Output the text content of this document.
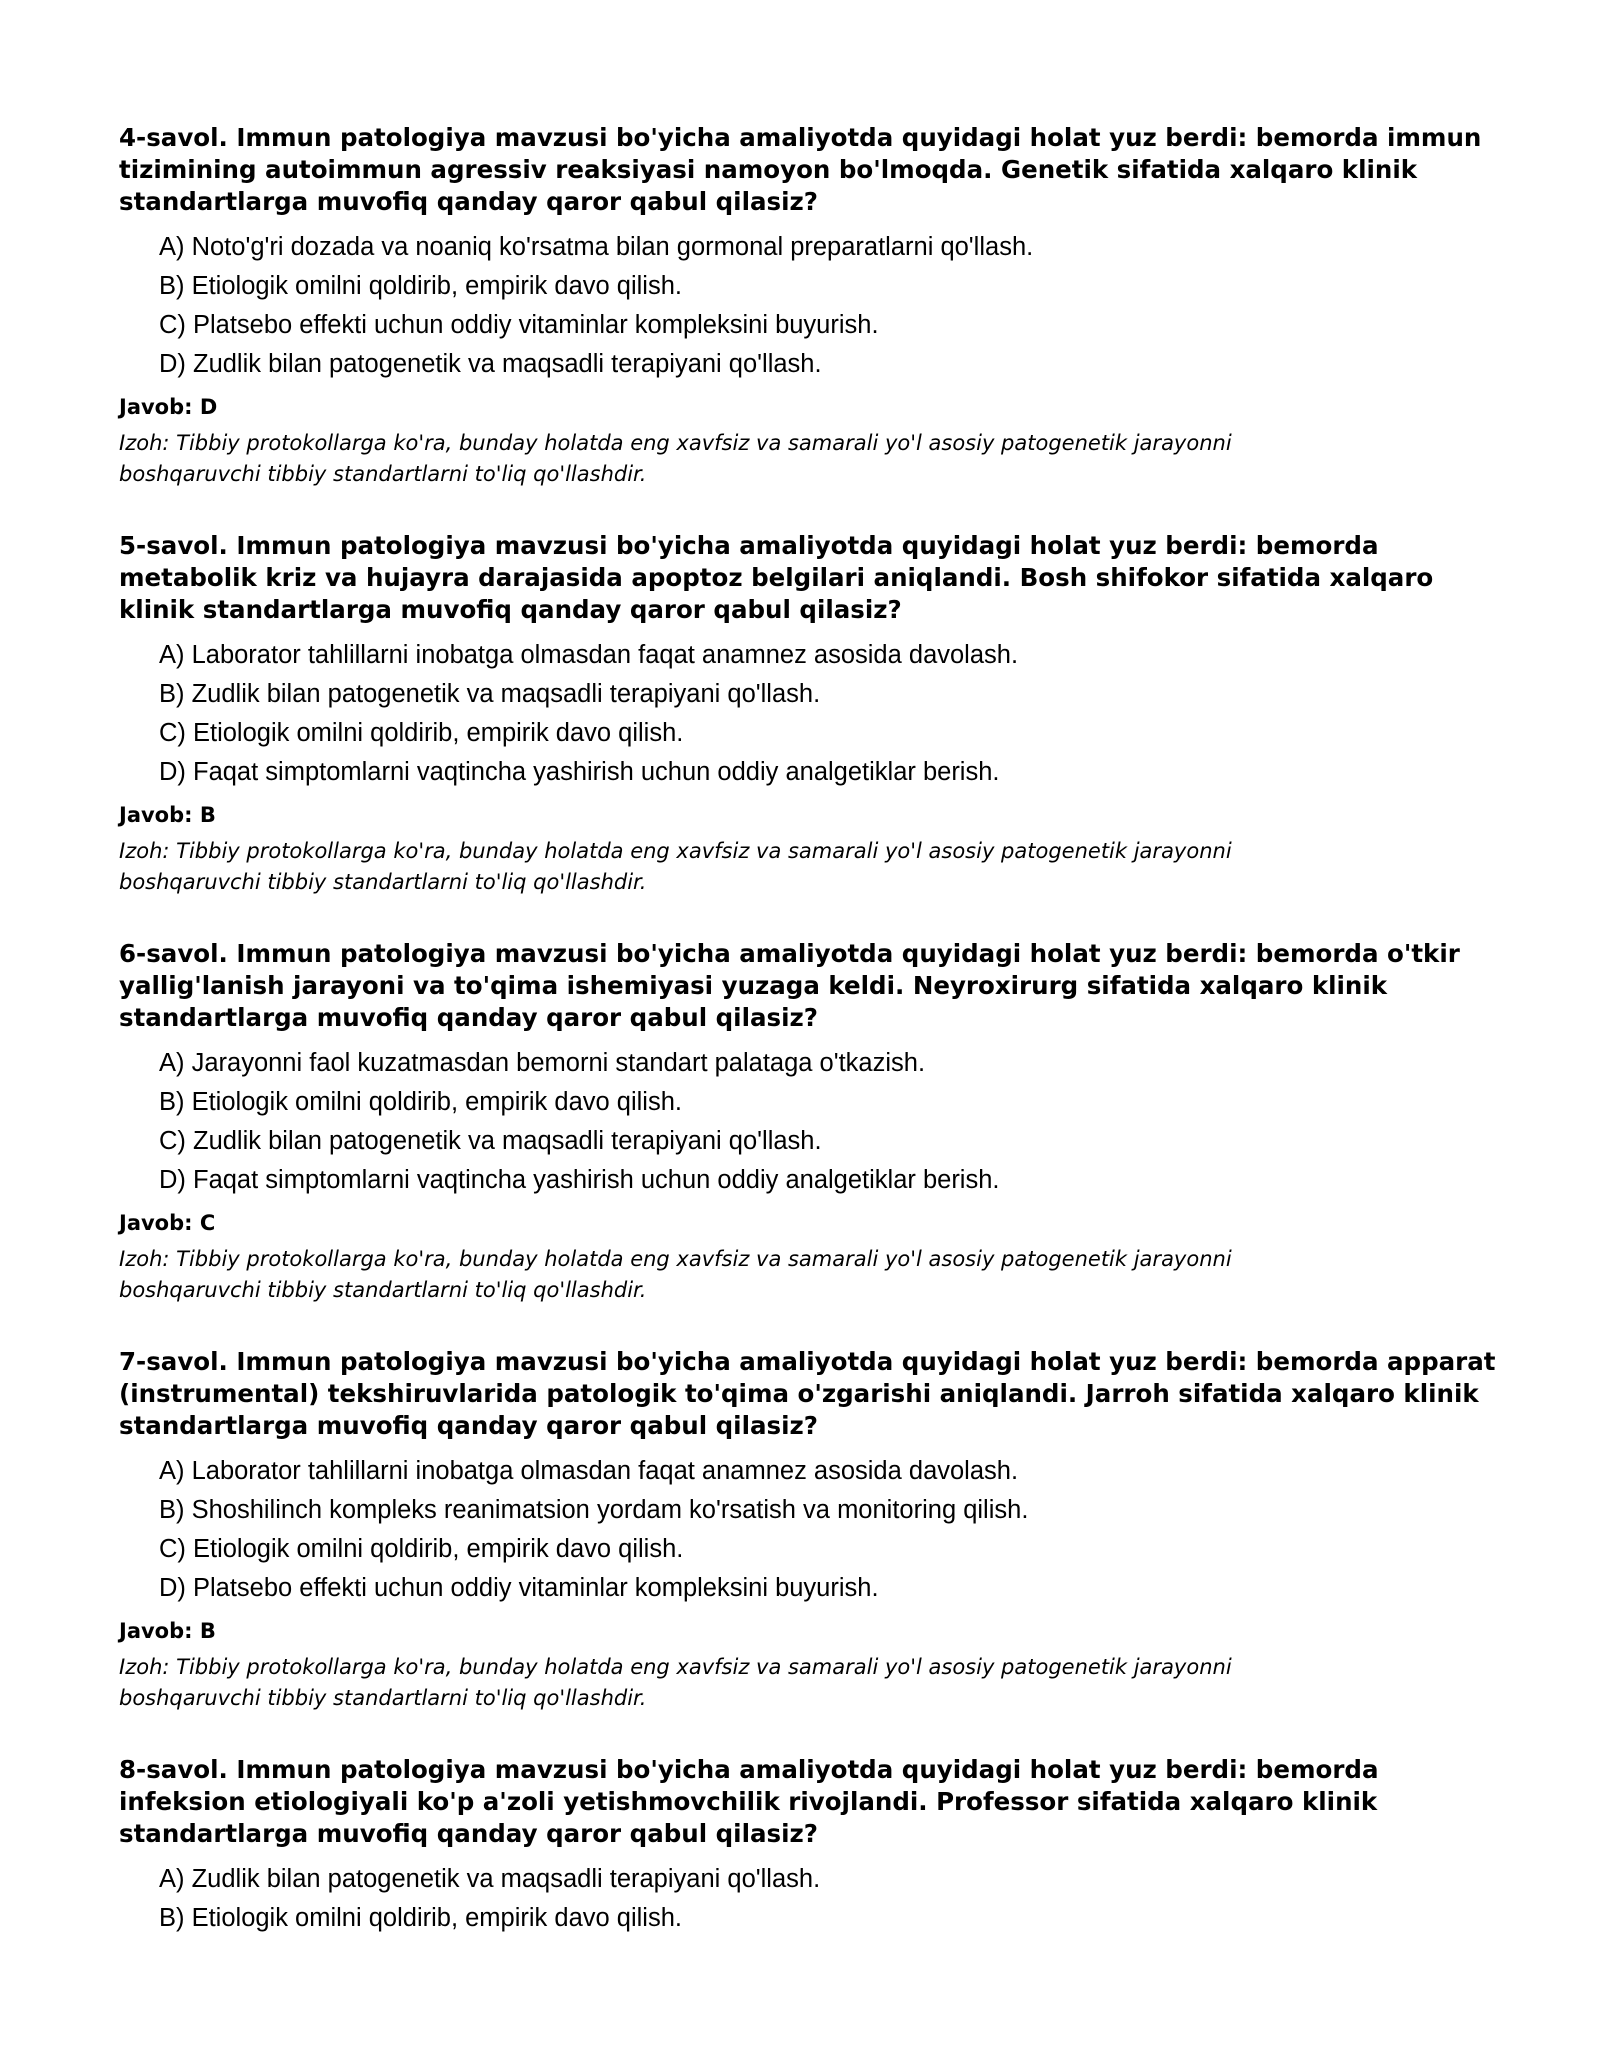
4-savol. Immun patologiya mavzusi bo'yicha amaliyotda quyidagi holat yuz berdi: bemorda immun tizimining autoimmun agressiv reaksiyasi namoyon bo'lmoqda. Genetik sifatida xalqaro klinik standartlarga muvofiq qanday qaror qabul qilasiz?
A) Noto'g'ri dozada va noaniq ko'rsatma bilan gormonal preparatlarni qo'llash.
B) Etiologik omilni qoldirib, empirik davo qilish.
C) Platsebo effekti uchun oddiy vitaminlar kompleksini buyurish.
D) Zudlik bilan patogenetik va maqsadli terapiyani qo'llash.
Javob: D
Izoh: Tibbiy protokollarga ko'ra, bunday holatda eng xavfsiz va samarali yo'l asosiy patogenetik jarayonni boshqaruvchi tibbiy standartlarni to'liq qo'llashdir.
5-savol. Immun patologiya mavzusi bo'yicha amaliyotda quyidagi holat yuz berdi: bemorda metabolik kriz va hujayra darajasida apoptoz belgilari aniqlandi. Bosh shifokor sifatida xalqaro klinik standartlarga muvofiq qanday qaror qabul qilasiz?
A) Laborator tahlillarni inobatga olmasdan faqat anamnez asosida davolash.
B) Zudlik bilan patogenetik va maqsadli terapiyani qo'llash.
C) Etiologik omilni qoldirib, empirik davo qilish.
D) Faqat simptomlarni vaqtincha yashirish uchun oddiy analgetiklar berish.
Javob: B
Izoh: Tibbiy protokollarga ko'ra, bunday holatda eng xavfsiz va samarali yo'l asosiy patogenetik jarayonni boshqaruvchi tibbiy standartlarni to'liq qo'llashdir.
6-savol. Immun patologiya mavzusi bo'yicha amaliyotda quyidagi holat yuz berdi: bemorda o'tkir yallig'lanish jarayoni va to'qima ishemiyasi yuzaga keldi. Neyroxirurg sifatida xalqaro klinik standartlarga muvofiq qanday qaror qabul qilasiz?
A) Jarayonni faol kuzatmasdan bemorni standart palataga o'tkazish.
B) Etiologik omilni qoldirib, empirik davo qilish.
C) Zudlik bilan patogenetik va maqsadli terapiyani qo'llash.
D) Faqat simptomlarni vaqtincha yashirish uchun oddiy analgetiklar berish.
Javob: C
Izoh: Tibbiy protokollarga ko'ra, bunday holatda eng xavfsiz va samarali yo'l asosiy patogenetik jarayonni boshqaruvchi tibbiy standartlarni to'liq qo'llashdir.
7-savol. Immun patologiya mavzusi bo'yicha amaliyotda quyidagi holat yuz berdi: bemorda apparat (instrumental) tekshiruvlarida patologik to'qima o'zgarishi aniqlandi. Jarroh sifatida xalqaro klinik standartlarga muvofiq qanday qaror qabul qilasiz?
A) Laborator tahlillarni inobatga olmasdan faqat anamnez asosida davolash.
B) Shoshilinch kompleks reanimatsion yordam ko'rsatish va monitoring qilish.
C) Etiologik omilni qoldirib, empirik davo qilish.
D) Platsebo effekti uchun oddiy vitaminlar kompleksini buyurish.
Javob: B
Izoh: Tibbiy protokollarga ko'ra, bunday holatda eng xavfsiz va samarali yo'l asosiy patogenetik jarayonni boshqaruvchi tibbiy standartlarni to'liq qo'llashdir.
8-savol. Immun patologiya mavzusi bo'yicha amaliyotda quyidagi holat yuz berdi: bemorda infeksion etiologiyali ko'p a'zoli yetishmovchilik rivojlandi. Professor sifatida xalqaro klinik standartlarga muvofiq qanday qaror qabul qilasiz?
A) Zudlik bilan patogenetik va maqsadli terapiyani qo'llash.
B) Etiologik omilni qoldirib, empirik davo qilish.
